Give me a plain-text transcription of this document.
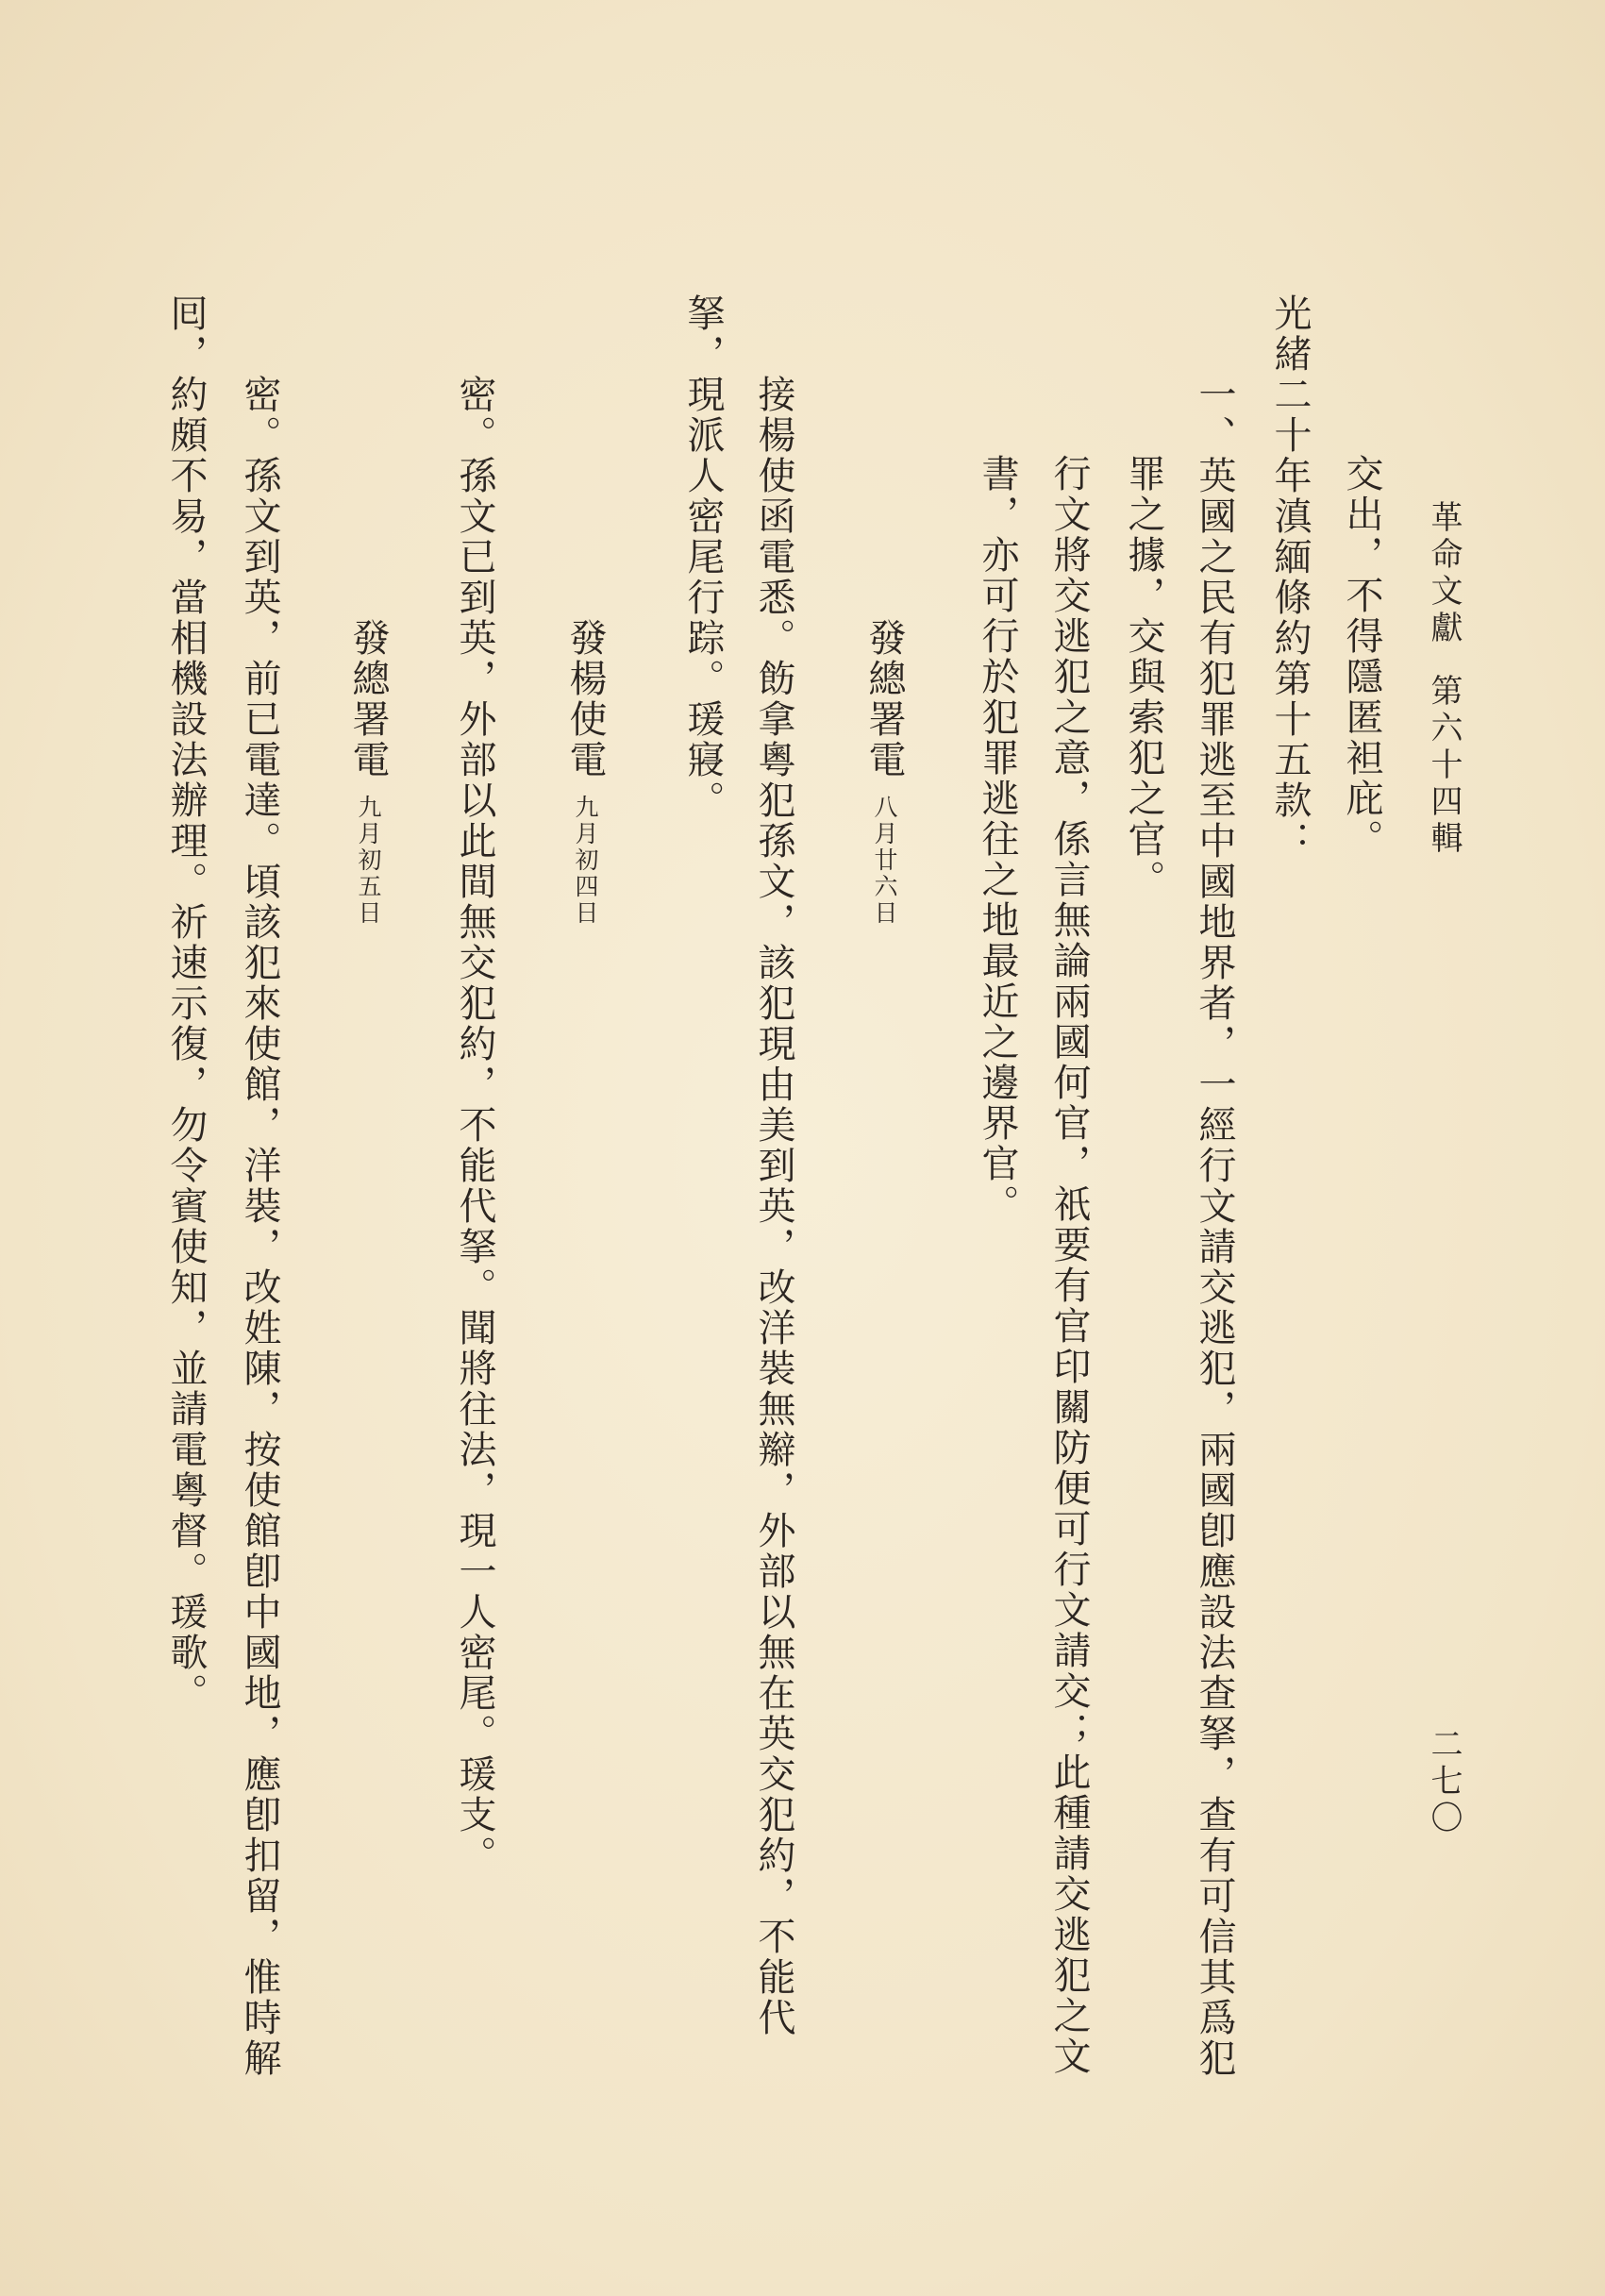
革命文獻第六十四輯
二七〇
交出，不得隱匿袒庇。
光緒二十年滇緬條約第十五款：
一、英國之民有犯罪逃至中國地界者，一經行文請交逃犯，兩國卽應設法查拏，查有可信其爲犯
罪之據，交與索犯之官。
行文將交逃犯之意，係言無論兩國何官，祇要有官印關防便可行文請交；此種請交逃犯之文
書，亦可行於犯罪逃往之地最近之邊界官。
發總署電
八月廿六日
接楊使函電悉。飭拿粵犯孫文，該犯現由美到英，改洋裝無辮，外部以無在英交犯約，不能代
拏，現派人密尾行踪。瑗寢。
發楊使電
九月初四日
密。孫文已到英，外部以此間無交犯約，不能代拏。聞將往法，現一人密尾。瑗支。
發總署電
九月初五日
密。孫文到英，前已電達。頃該犯來使館，洋裝，改姓陳，按使館卽中國地，應卽扣留，惟時解
囘，約頗不易，當相機設法辦理。祈速示復，勿令賓使知，並請電粵督。瑗歌。
